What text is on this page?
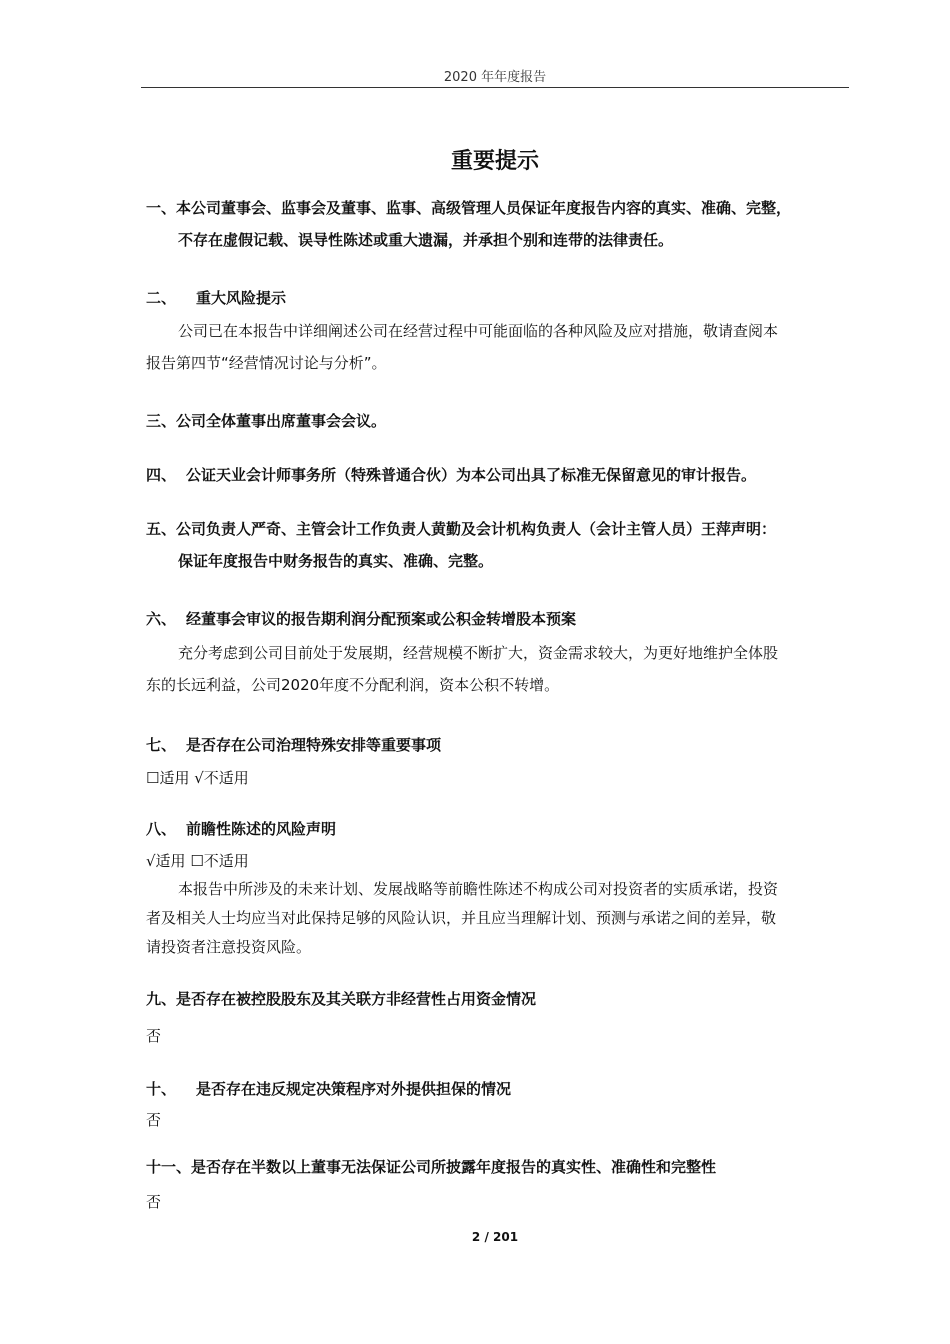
2020 年年度报告
重要提示
一、本公司董事会、监事会及董事、监事、高级管理人员保证年度报告内容的真实、准确、完整，
不存在虚假记载、误导性陈述或重大遗漏，并承担个别和连带的法律责任。
二、 重大风险提示
公司已在本报告中详细阐述公司在经营过程中可能面临的各种风险及应对措施，敬请查阅本
报告第四节“经营情况讨论与分析”。
三、公司全体董事出席董事会会议。
四、 公证天业会计师事务所（特殊普通合伙）为本公司出具了标准无保留意见的审计报告。
五、公司负责人严奇、主管会计工作负责人黄勤及会计机构负责人（会计主管人员）王萍声明：
保证年度报告中财务报告的真实、准确、完整。
六、 经董事会审议的报告期利润分配预案或公积金转增股本预案
充分考虑到公司目前处于发展期，经营规模不断扩大，资金需求较大，为更好地维护全体股
东的长远利益，公司2020年度不分配利润，资本公积不转增。
七、 是否存在公司治理特殊安排等重要事项
☐适用 √不适用
八、 前瞻性陈述的风险声明
√适用 ☐不适用
本报告中所涉及的未来计划、发展战略等前瞻性陈述不构成公司对投资者的实质承诺，投资
者及相关人士均应当对此保持足够的风险认识，并且应当理解计划、预测与承诺之间的差异，敬
请投资者注意投资风险。
九、是否存在被控股股东及其关联方非经营性占用资金情况
否
十、 是否存在违反规定决策程序对外提供担保的情况
否
十一、是否存在半数以上董事无法保证公司所披露年度报告的真实性、准确性和完整性
否
2 / 201
